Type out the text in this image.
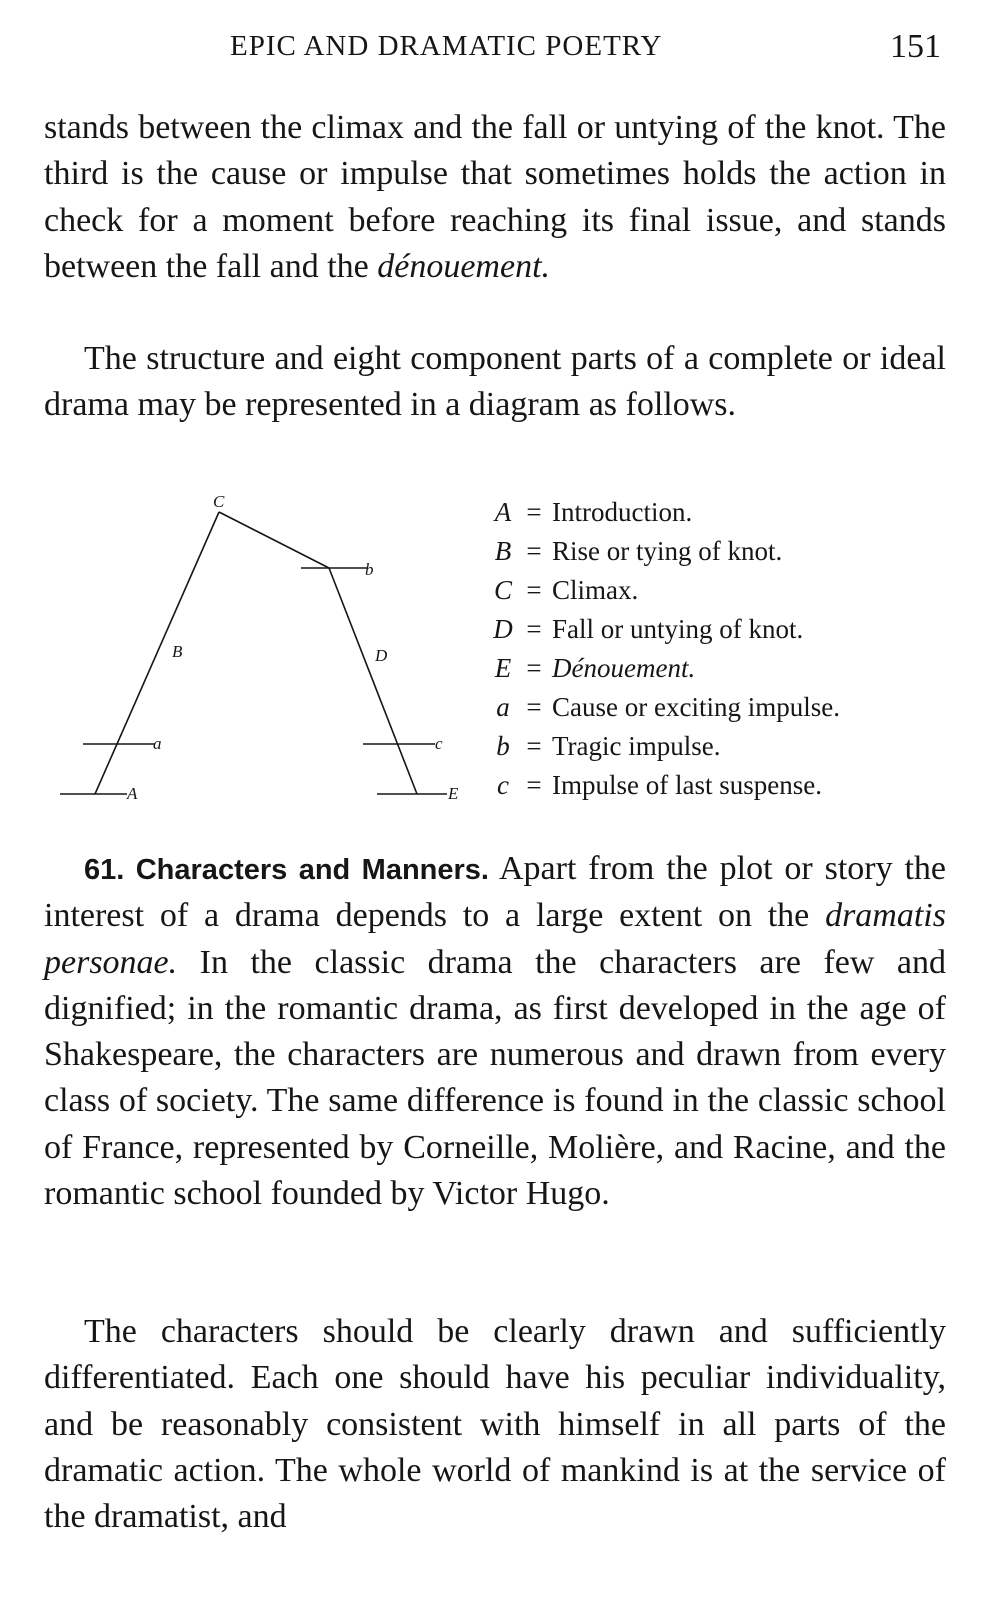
EPIC AND DRAMATIC POETRY	151

stands between the climax and the fall or untying of the knot. The third is the cause or impulse that sometimes holds the action in check for a moment before reaching its final issue, and stands between the fall and the dénouement.

The structure and eight component parts of a complete or ideal drama may be represented in a diagram as follows.

C
b
B	D
a	c
A	E
A = Introduction.
B = Rise or tying of knot.
C = Climax.
D = Fall or untying of knot.
E = Dénouement.
a = Cause or exciting impulse.
b = Tragic impulse.
c = Impulse of last suspense.

61. Characters and Manners. Apart from the plot or story the interest of a drama depends to a large extent on the dramatis personae. In the classic drama the characters are few and dignified; in the romantic drama, as first developed in the age of Shakespeare, the characters are numerous and drawn from every class of society. The same difference is found in the classic school of France, represented by Corneille, Molière, and Racine, and the romantic school founded by Victor Hugo.

The characters should be clearly drawn and sufficiently differentiated. Each one should have his peculiar individuality, and be reasonably consistent with himself in all parts of the dramatic action. The whole world of mankind is at the service of the dramatist, and
